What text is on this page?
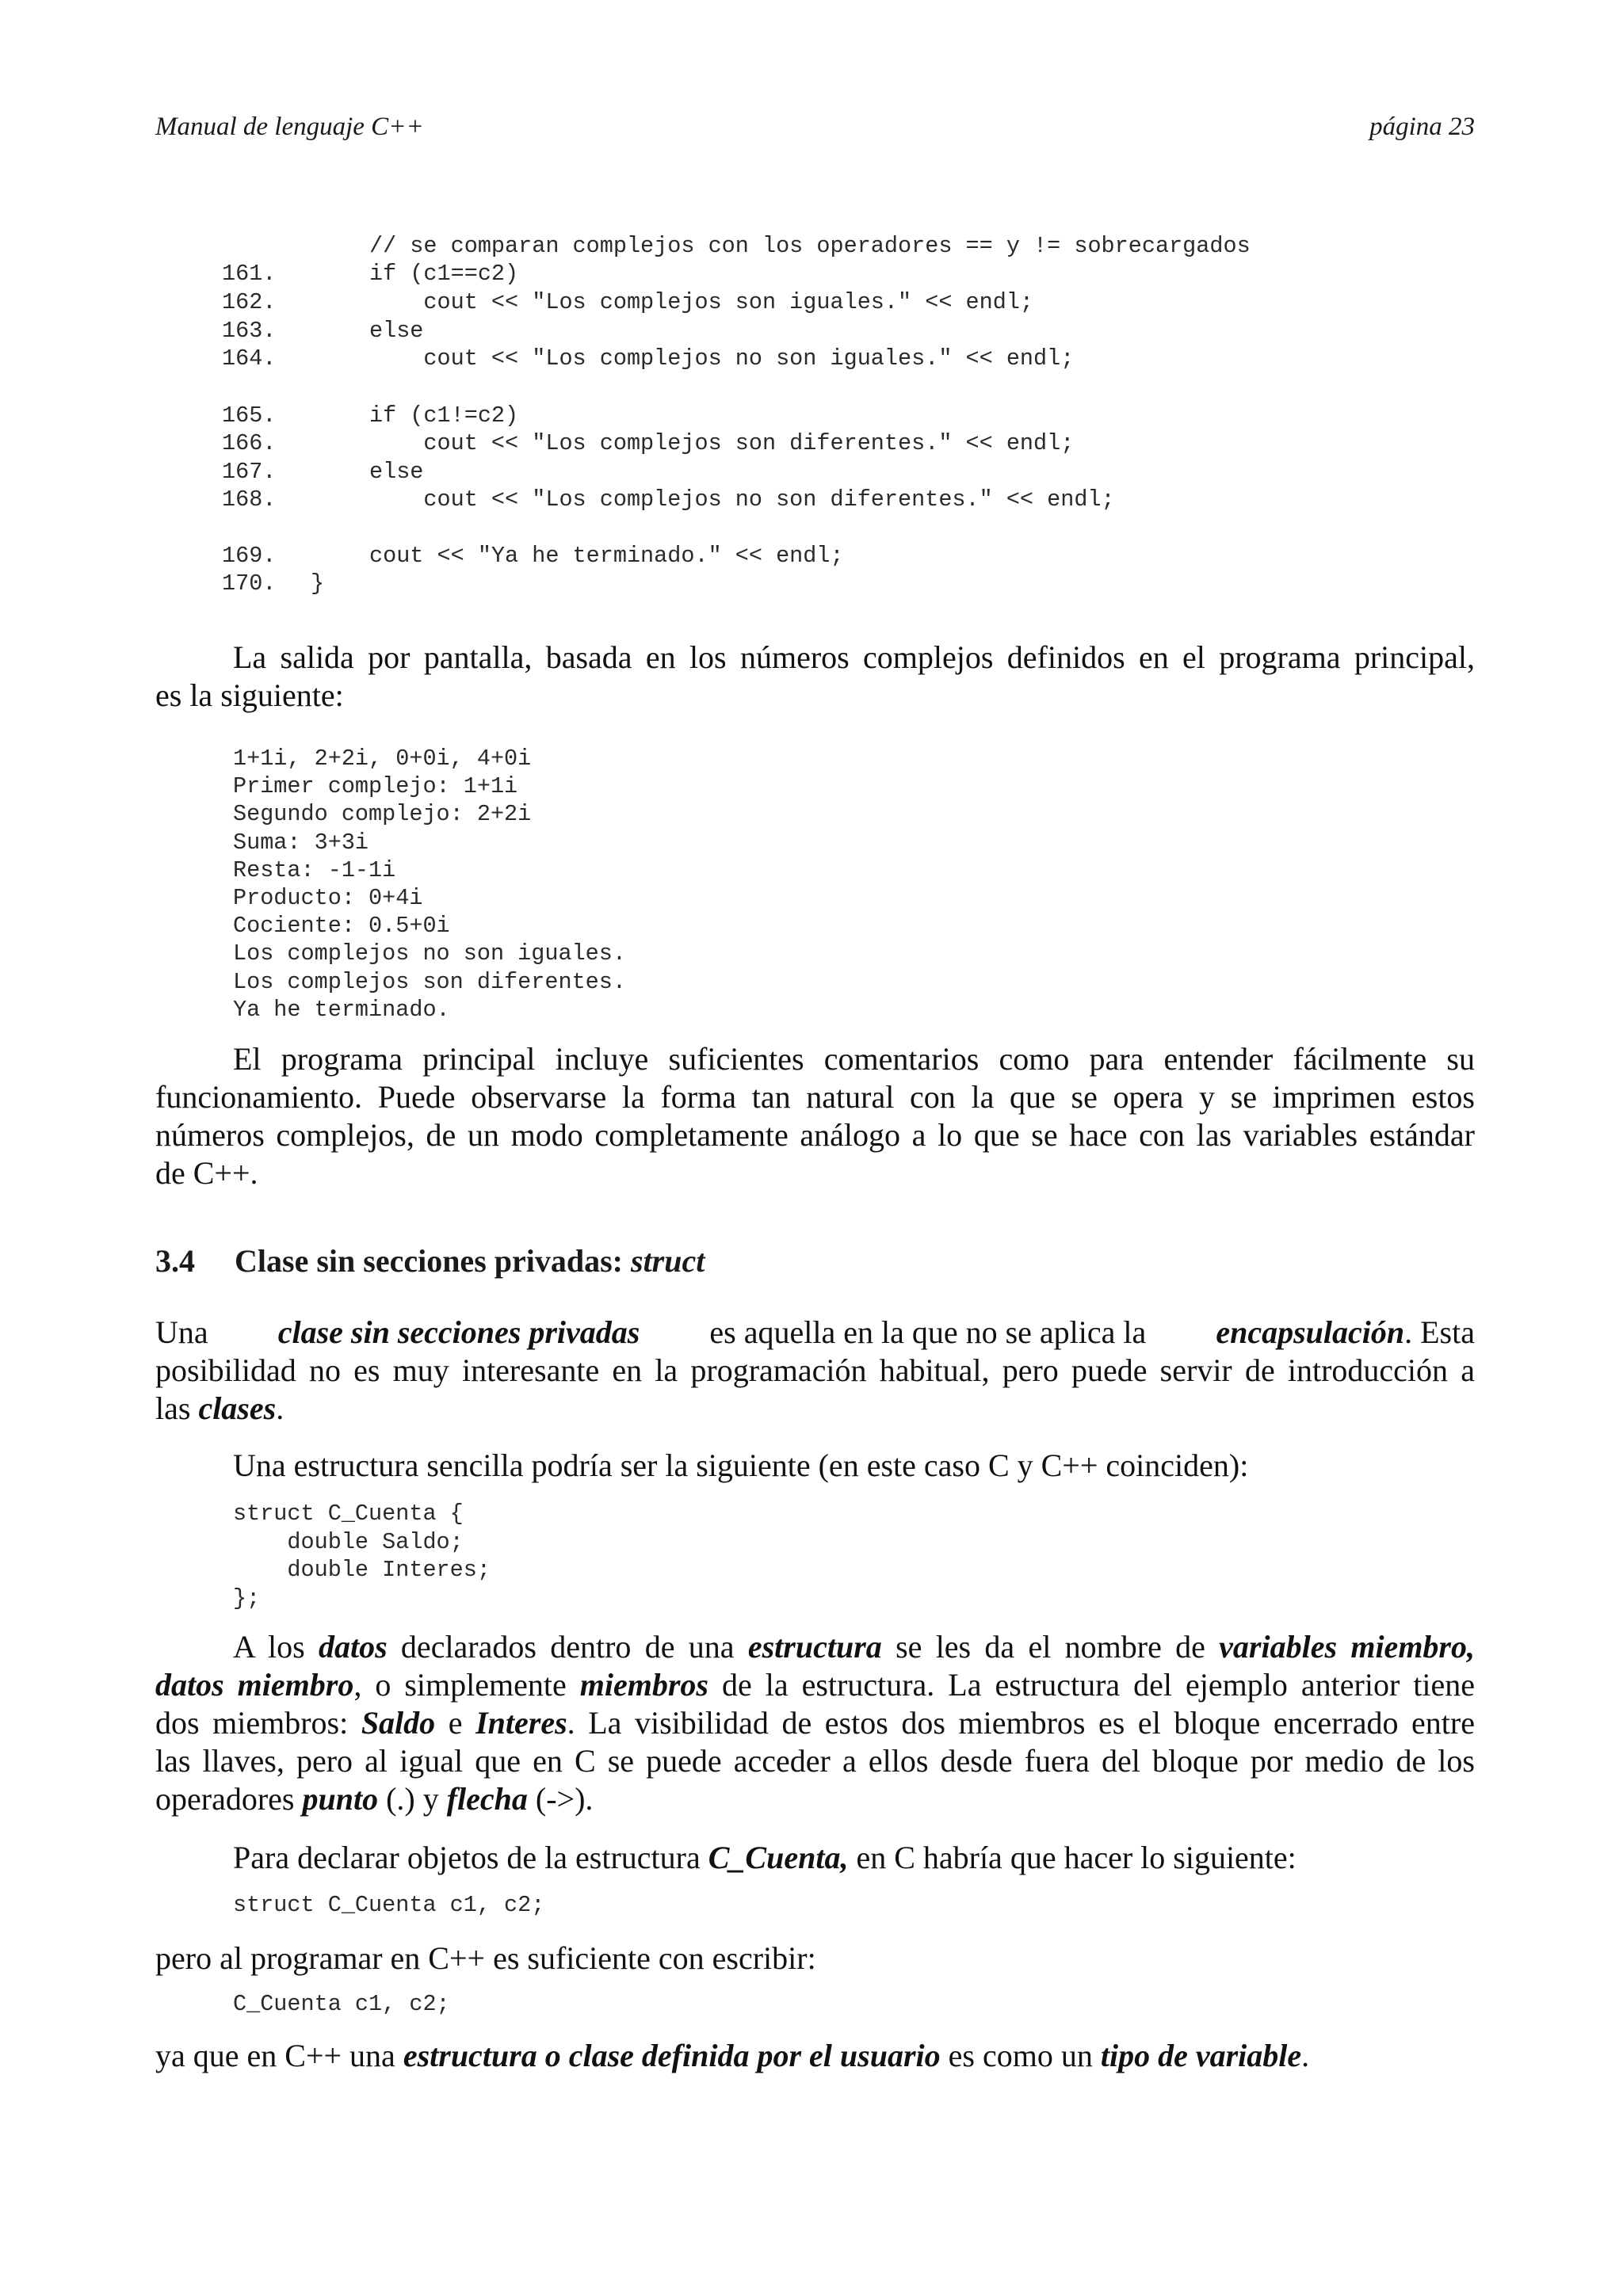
Manual de lenguaje C++	página 23
// se comparan complejos con los operadores == y != sobrecargados
161.	if (c1==c2)
162.	cout << "Los complejos son iguales." << endl;
163.	else
164.	cout << "Los complejos no son iguales." << endl;
165.	if (c1!=c2)
166.	cout << "Los complejos son diferentes." << endl;
167.	else
168.	cout << "Los complejos no son diferentes." << endl;
169.	cout << "Ya he terminado." << endl;
170. }
La salida por pantalla, basada en los números complejos definidos en el programa principal,
es la siguiente:
1+1i, 2+2i, 0+0i, 4+0i
Primer complejo: 1+1i
Segundo complejo: 2+2i
Suma: 3+3i
Resta: -1-1i
Producto: 0+4i
Cociente: 0.5+0i
Los complejos no son iguales.
Los complejos son diferentes.
Ya he terminado.
El programa principal incluye suficientes comentarios como para entender fácilmente su
funcionamiento. Puede observarse la forma tan natural con la que se opera y se imprimen estos
números complejos, de un modo completamente análogo a lo que se hace con las variables estándar
de C++.
3.4 Clase sin secciones privadas: struct
Una clase sin secciones privadas es aquella en la que no se aplica la encapsulación. Esta
posibilidad no es muy interesante en la programación habitual, pero puede servir de introducción a
las clases.
Una estructura sencilla podría ser la siguiente (en este caso C y C++ coinciden):
struct C_Cuenta {
double Saldo;
double Interes;
};
A los datos declarados dentro de una estructura se les da el nombre de variables miembro,
datos miembro, o simplemente miembros de la estructura. La estructura del ejemplo anterior tiene
dos miembros: Saldo e Interes. La visibilidad de estos dos miembros es el bloque encerrado entre
las llaves, pero al igual que en C se puede acceder a ellos desde fuera del bloque por medio de los
operadores punto (.) y flecha (->).
Para declarar objetos de la estructura C_Cuenta, en C habría que hacer lo siguiente:
struct C_Cuenta c1, c2;
pero al programar en C++ es suficiente con escribir:
C_Cuenta c1, c2;
ya que en C++ una estructura o clase definida por el usuario es como un tipo de variable.
